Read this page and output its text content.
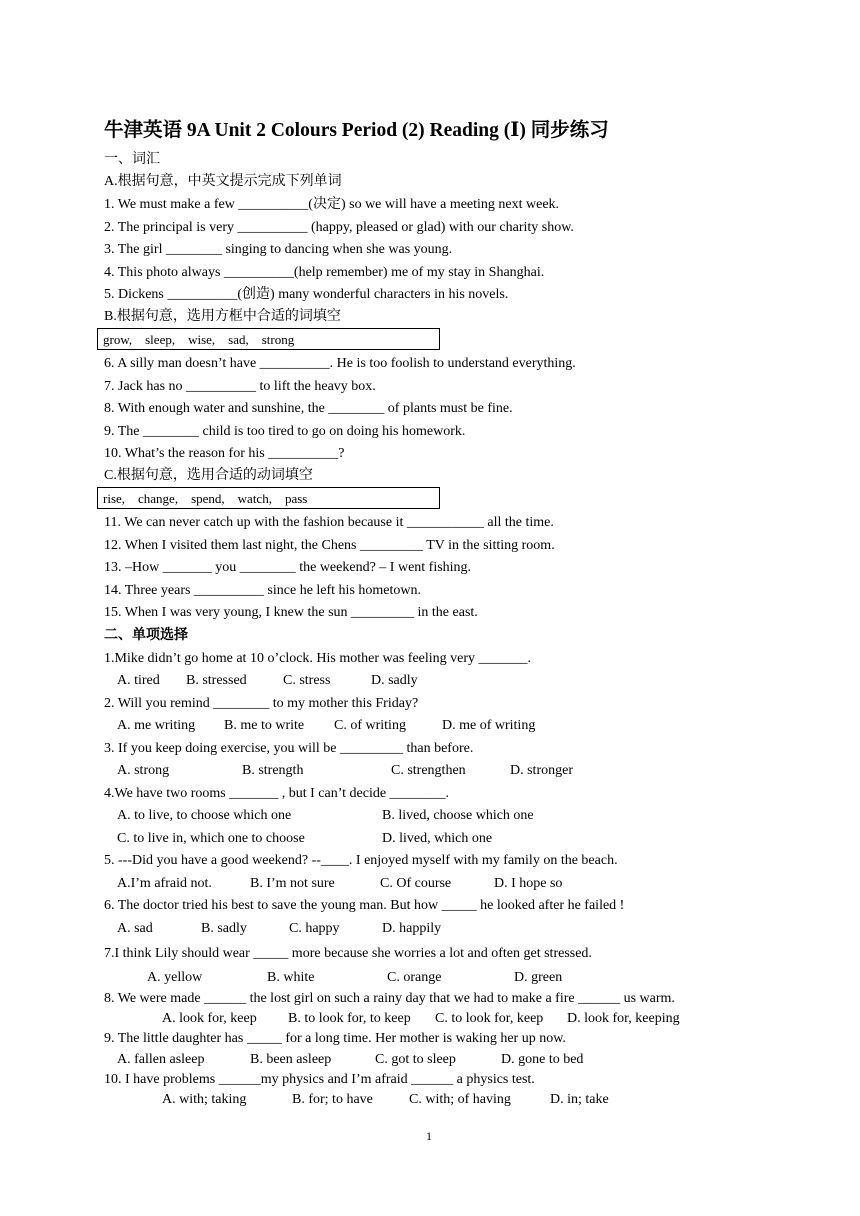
牛津英语 9A Unit 2 Colours Period (2) Reading (Ⅰ) 同步练习
一、词汇
A.根据句意，中英文提示完成下列单词
1. We must make a few __________(决定) so we will have a meeting next week.
2. The principal is very __________ (happy, pleased or glad) with our charity show.
3. The girl ________ singing to dancing when she was young.
4. This photo always __________(help remember) me of my stay in Shanghai.
5. Dickens __________(创造) many wonderful characters in his novels.
B.根据句意，选用方框中合适的词填空
grow,    sleep,    wise,    sad,    strong
6. A silly man doesn’t have __________. He is too foolish to understand everything.
7. Jack has no __________ to lift the heavy box.
8. With enough water and sunshine, the ________ of plants must be fine.
9. The ________ child is too tired to go on doing his homework.
10. What’s the reason for his __________?
C.根据句意，选用合适的动词填空
rise,    change,    spend,    watch,    pass
11. We can never catch up with the fashion because it ___________ all the time.
12. When I visited them last night, the Chens _________ TV in the sitting room.
13. –How _______ you ________ the weekend? – I went fishing.
14. Three years __________ since he left his hometown.
15. When I was very young, I knew the sun _________ in the east.
二、单项选择
1.Mike didn’t go home at 10 o’clock. His mother was feeling very _______.
A. tired B. stressed	C. stress	D. sadly
2. Will you remind ________ to my mother this Friday?
A. me writing B. me to write C. of writing	D. me of writing
3. If you keep doing exercise, you will be _________ than before.
A. strong	B. strength	C. strengthen	D. stronger
4.We have two rooms _______ , but I can’t decide ________.
A. to live, to choose which one	B. lived, choose which one
C. to live in, which one to choose	D. lived, which one
5. ---Did you have a good weekend? --____. I enjoyed myself with my family on the beach.
A.I’m afraid not.	B. I’m not sure	C. Of course	D. I hope so
6. The doctor tried his best to save the young man. But how _____ he looked after he failed !
A. sad	B. sadly	C. happy	D. happily
7.I think Lily should wear _____ more because she worries a lot and often get stressed.
A. yellow	B. white	C. orange	D. green
8. We were made ______ the lost girl on such a rainy day that we had to make a fire ______ us warm.
A. look for, keep B. to look for, to keep C. to look for, keep D. look for, keeping
9. The little daughter has _____ for a long time. Her mother is waking her up now.
A. fallen asleep	B. been asleep	C. got to sleep	D. gone to bed
10. I have problems ______my physics and I’m afraid ______ a physics test.
A. with; taking	B. for; to have	C. with; of having	D. in; take
1
